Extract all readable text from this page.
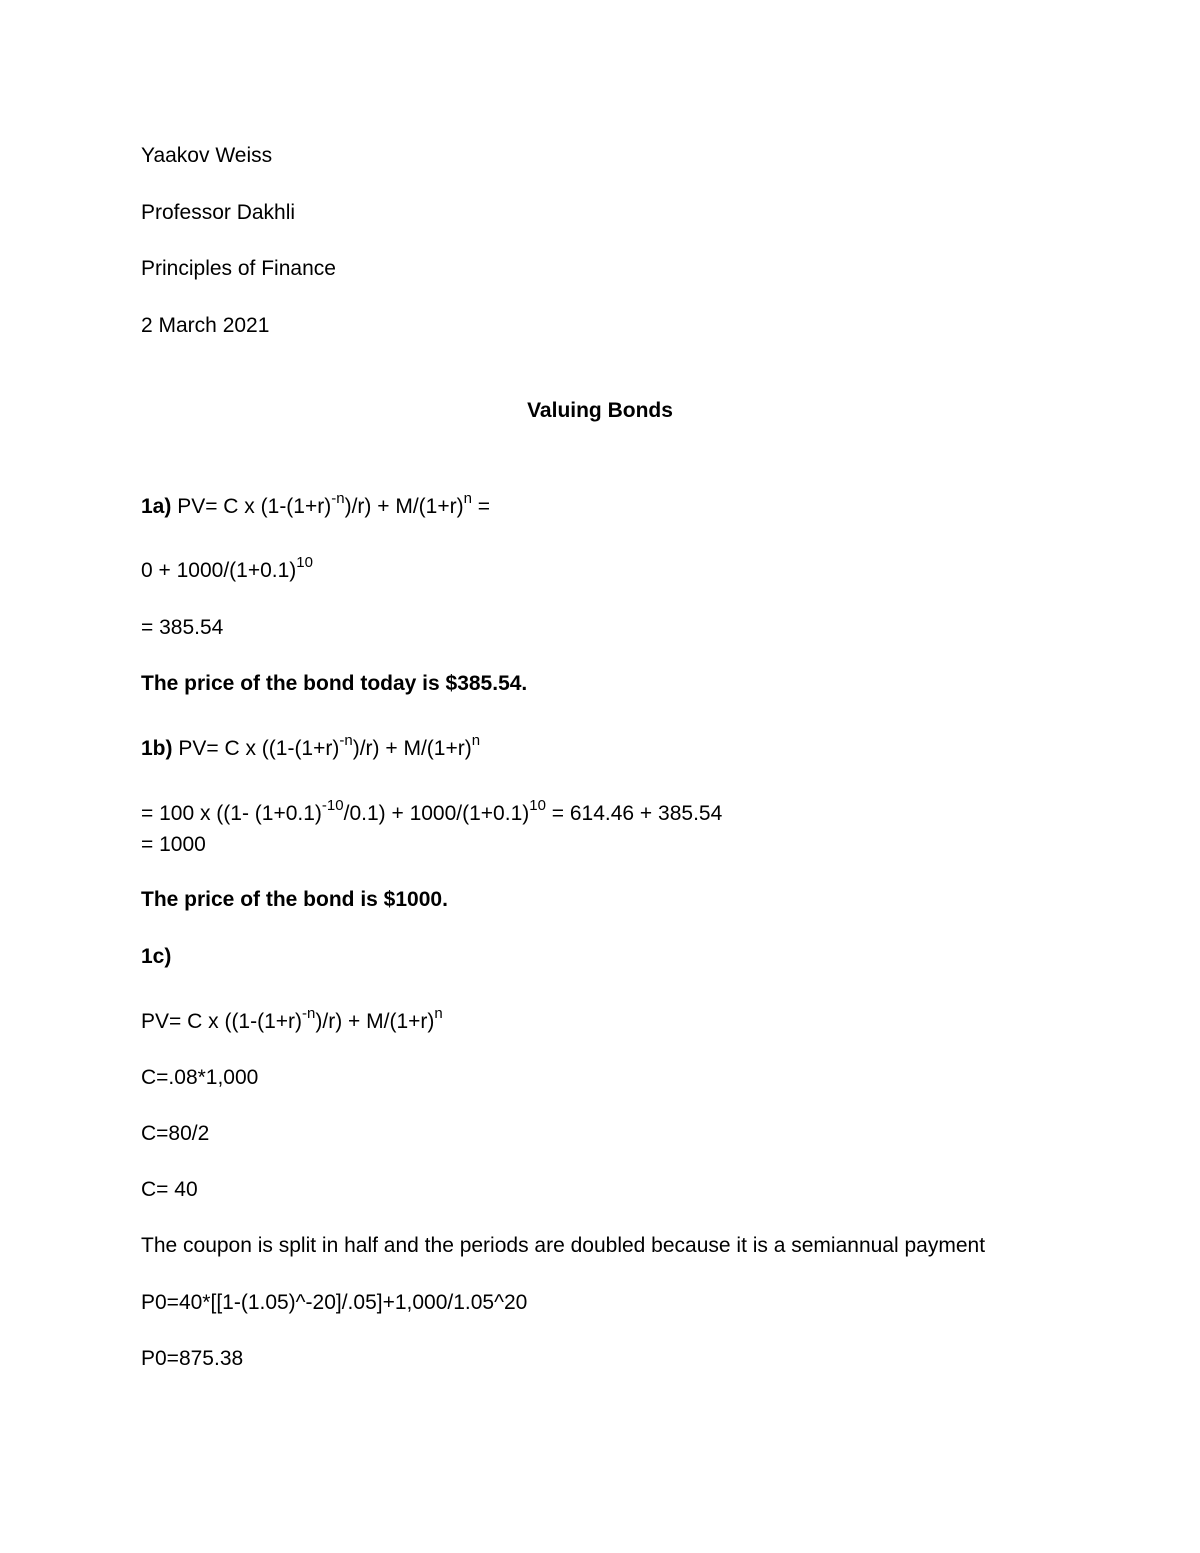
Yaakov Weiss
Professor Dakhli
Principles of Finance
2 March 2021
Valuing Bonds
1a) PV= C x $(1-(1+r)^{-n})/r) + M/(1+r)^n$ =
$0 + 1000/(1+0.1)^{10}$
= 385.54
The price of the bond today is $385.54.
1b) PV= C x $((1-(1+r)^{-n})/r) + M/(1+r)^n$
= 100 x ((1- $(1+0.1)^{-10}/0.1) + 1000/(1+0.1)^{10} = 614.46 + 385.54$
= 1000
The price of the bond is $1000.
1c)
PV= C x $((1-(1+r)^{-n})/r) + M/(1+r)^n$
C=.08*1,000
C=80/2
C= 40
The coupon is split in half and the periods are doubled because it is a semiannual payment
P0=40*[[1-(1.05)^-20]/.05]+1,000/1.05^20
P0=875.38
